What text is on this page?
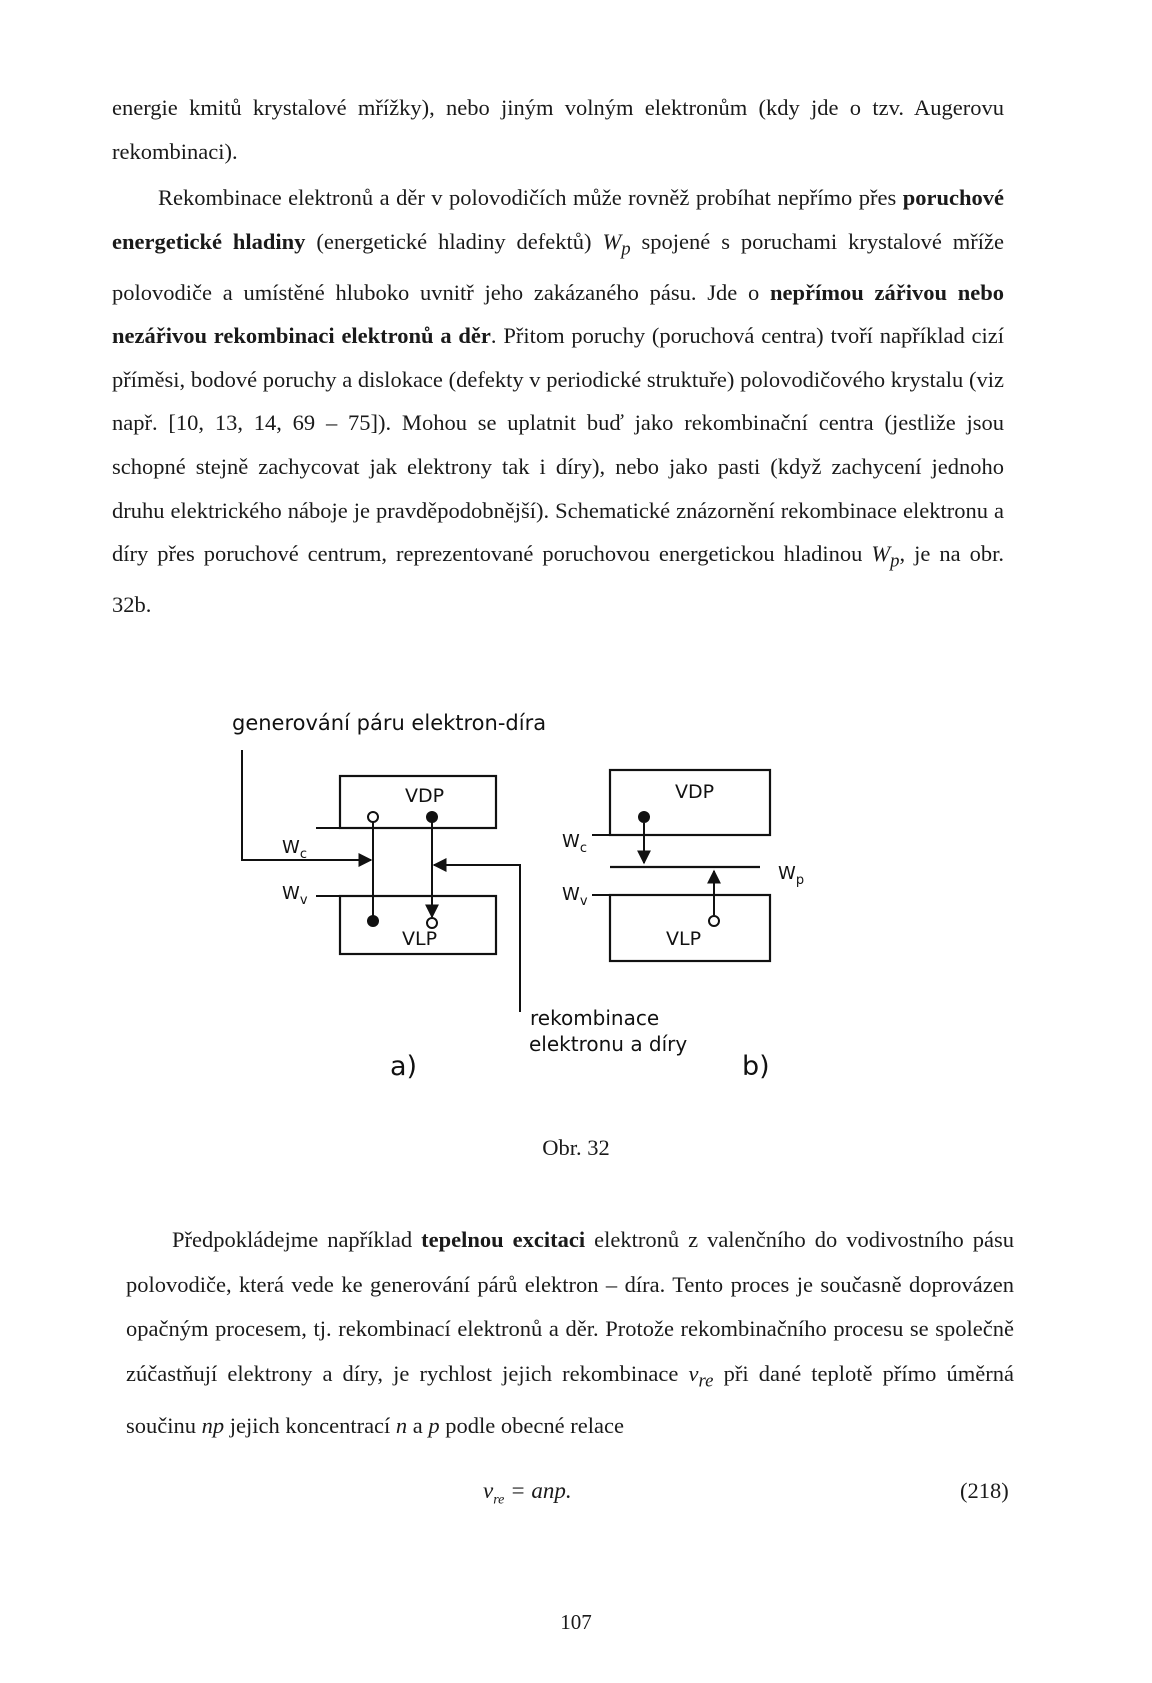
energie kmitů krystalové mřížky), nebo jiným volným elektronům (kdy jde o tzv. Augerovu rekombinaci).

Rekombinace elektronů a děr v polovodičích může rovněž probíhat nepřímo přes poruchové energetické hladiny (energetické hladiny defektů) $W_p$ spojené s poruchami krystalové mříže polovodiče a umístěné hluboko uvnitř jeho zakázaného pásu. Jde o nepřímou zářivou nebo nezářivou rekombinaci elektronů a děr. Přitom poruchy (poruchová centra) tvoří například cizí příměsi, bodové poruchy a dislokace (defekty v periodické struktuře) polovodičového krystalu (viz např. [10, 13, 14, 69 – 75]). Mohou se uplatnit buď jako rekombinační centra (jestliže jsou schopné stejně zachycovat jak elektrony tak i díry), nebo jako pasti (když zachycení jednoho druhu elektrického náboje je pravděpodobnější). Schematické znázornění rekombinace elektronu a díry přes poruchové centrum, reprezentované poruchovou energetickou hladinou $W_p$, je na obr. 32b.

generování páru elektron-díra
VDP
VLP
$W_c$
$W_v$
a)
VDP
VLP
$W_c$
$W_v$
$W_p$
b)
rekombinace
elektronu a díry
Obr. 32

Předpokládejme například tepelnou excitaci elektronů z valenčního do vodivostního pásu polovodiče, která vede ke generování párů elektron – díra. Tento proces je současně doprovázen opačným procesem, tj. rekombinací elektronů a děr. Protože rekombinačního procesu se společně zúčastňují elektrony a díry, je rychlost jejich rekombinace $v_{re}$ při dané teplotě přímo úměrná součinu np jejich koncentrací n a p podle obecné relace

$v_{re}$ = anp.	(218)
107
